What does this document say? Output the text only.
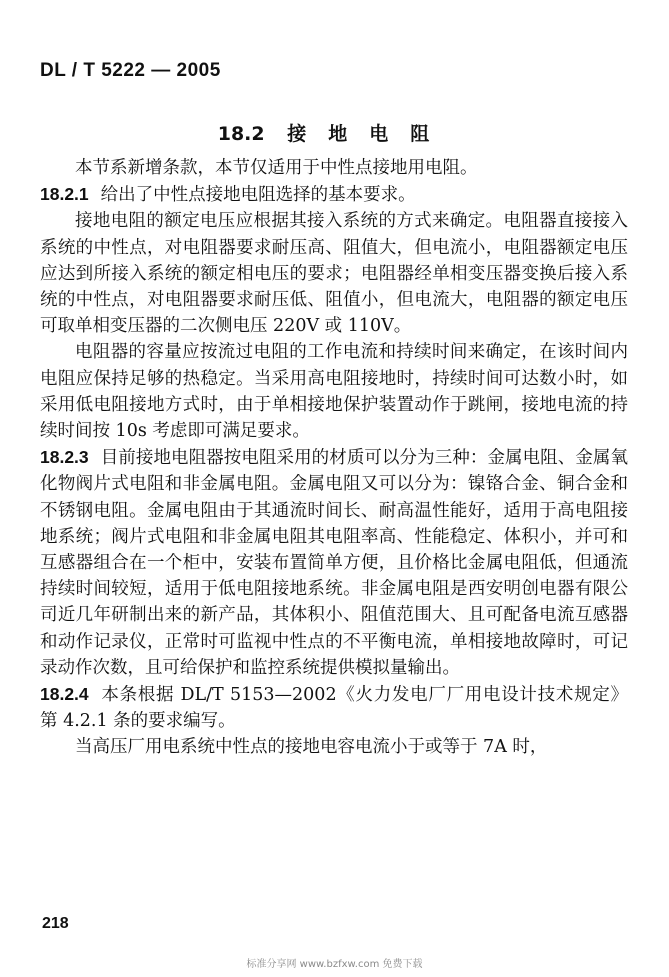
DL / T 5222 — 2005
18.2 接地电阻

本节系新增条款，本节仅适用于中性点接地用电阻。

18.2.1 给出了中性点接地电阻选择的基本要求。

接地电阻的额定电压应根据其接入系统的方式来确定。电阻器直接接入系统的中性点，对电阻器要求耐压高、阻值大，但电流小，电阻器额定电压应达到所接入系统的额定相电压的要求；电阻器经单相变压器变换后接入系统的中性点，对电阻器要求耐压低、阻值小，但电流大，电阻器的额定电压可取单相变压器的二次侧电压 220V 或 110V。

电阻器的容量应按流过电阻的工作电流和持续时间来确定，在该时间内电阻应保持足够的热稳定。当采用高电阻接地时，持续时间可达数小时，如采用低电阻接地方式时，由于单相接地保护装置动作于跳闸，接地电流的持续时间按 10s 考虑即可满足要求。

18.2.3 目前接地电阻器按电阻采用的材质可以分为三种：金属电阻、金属氧化物阀片式电阻和非金属电阻。金属电阻又可以分为：镍铬合金、铜合金和不锈钢电阻。金属电阻由于其通流时间长、耐高温性能好，适用于高电阻接地系统；阀片式电阻和非金属电阻其电阻率高、性能稳定、体积小，并可和互感器组合在一个柜中，安装布置简单方便，且价格比金属电阻低，但通流持续时间较短，适用于低电阻接地系统。非金属电阻是西安明创电器有限公司近几年研制出来的新产品，其体积小、阻值范围大、且可配备电流互感器和动作记录仪，正常时可监视中性点的不平衡电流，单相接地故障时，可记录动作次数，且可给保护和监控系统提供模拟量输出。

18.2.4 本条根据 DL/T 5153—2002《火力发电厂厂用电设计技术规定》第 4.2.1 条的要求编写。

当高压厂用电系统中性点的接地电容电流小于或等于 7A 时，

218
标准分享网 www.bzfxw.com 免费下载
